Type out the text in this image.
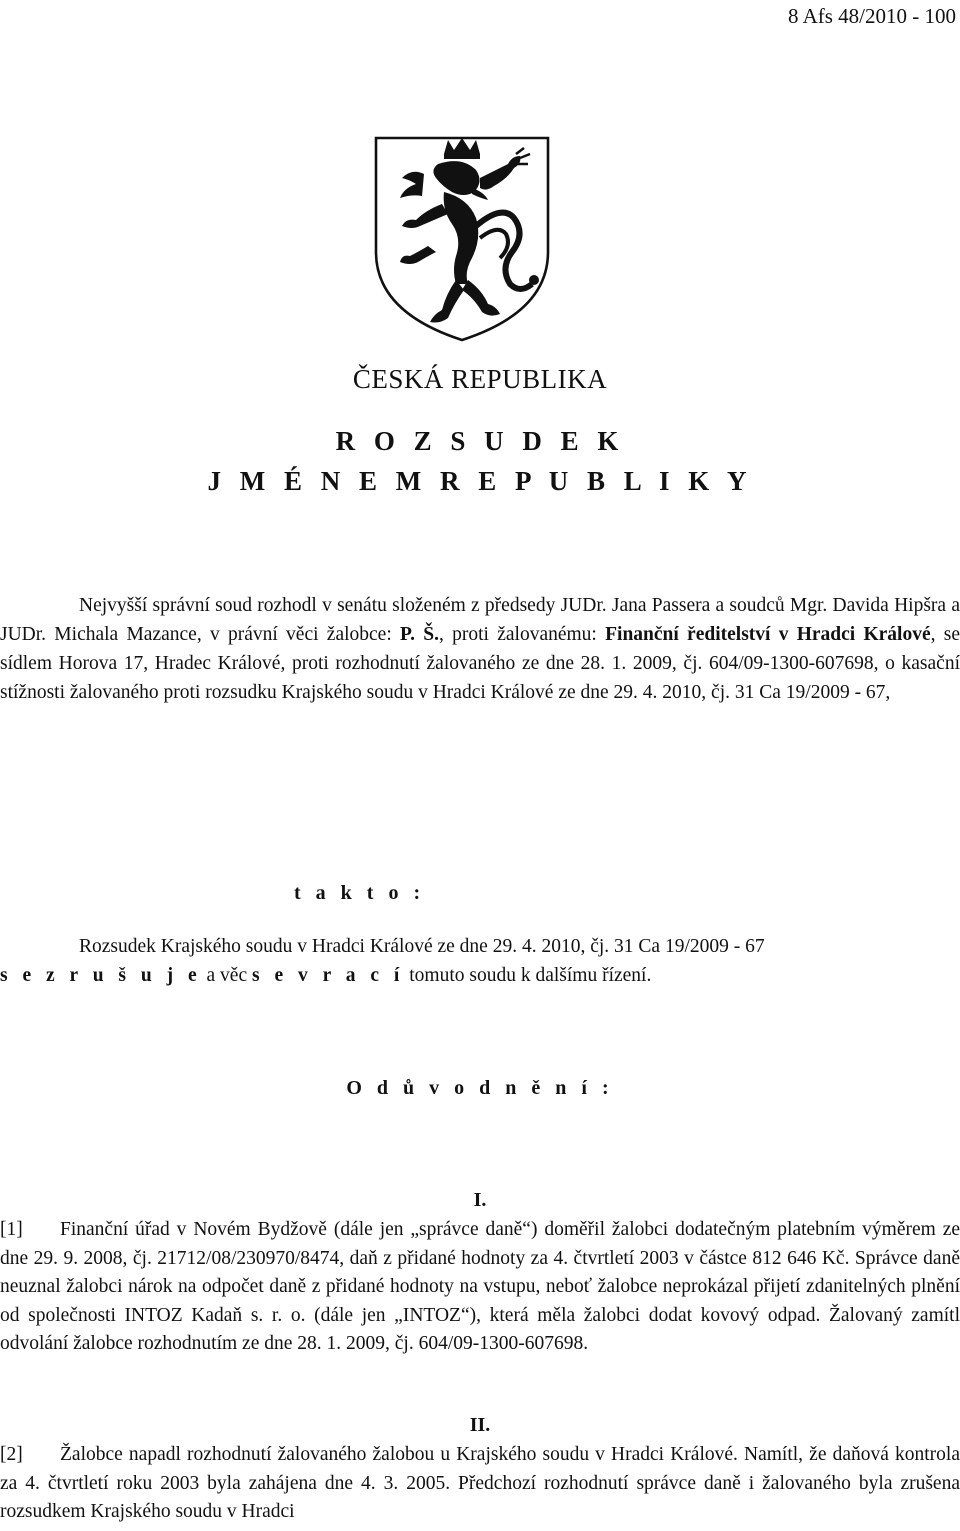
8 Afs 48/2010 - 100
ČESKÁ REPUBLIKA
R O Z S U D E K
J M É N E M R E P U B L I K Y
Nejvyšší správní soud rozhodl v senátu složeném z předsedy JUDr. Jana Passera a soudců Mgr. Davida Hipšra a JUDr. Michala Mazance, v právní věci žalobce: P. Š., proti žalovanému: Finanční ředitelství v Hradci Králové, se sídlem Horova 17, Hradec Králové, proti rozhodnutí žalovaného ze dne 28. 1. 2009, čj. 604/09-1300-607698, o kasační stížnosti žalovaného proti rozsudku Krajského soudu v Hradci Králové ze dne 29. 4. 2010, čj. 31 Ca 19/2009 - 67,
t a k t o :
Rozsudek Krajského soudu v Hradci Králové ze dne 29. 4. 2010, čj. 31 Ca 19/2009 - 67
s e z r u š u j e a věc s e v r a c í tomuto soudu k dalšímu řízení.
O d ů v o d n ě n í :
I.
[1] Finanční úřad v Novém Bydžově (dále jen „správce daně“) doměřil žalobci dodatečným platebním výměrem ze dne 29. 9. 2008, čj. 21712/08/230970/8474, daň z přidané hodnoty za 4. čtvrtletí 2003 v částce 812 646 Kč. Správce daně neuznal žalobci nárok na odpočet daně z přidané hodnoty na vstupu, neboť žalobce neprokázal přijetí zdanitelných plnění od společnosti INTOZ Kadaň s. r. o. (dále jen „INTOZ“), která měla žalobci dodat kovový odpad. Žalovaný zamítl odvolání žalobce rozhodnutím ze dne 28. 1. 2009, čj. 604/09-1300-607698.
II.
[2] Žalobce napadl rozhodnutí žalovaného žalobou u Krajského soudu v Hradci Králové. Namítl, že daňová kontrola za 4. čtvrtletí roku 2003 byla zahájena dne 4. 3. 2005. Předchozí rozhodnutí správce daně i žalovaného byla zrušena rozsudkem Krajského soudu v Hradci
